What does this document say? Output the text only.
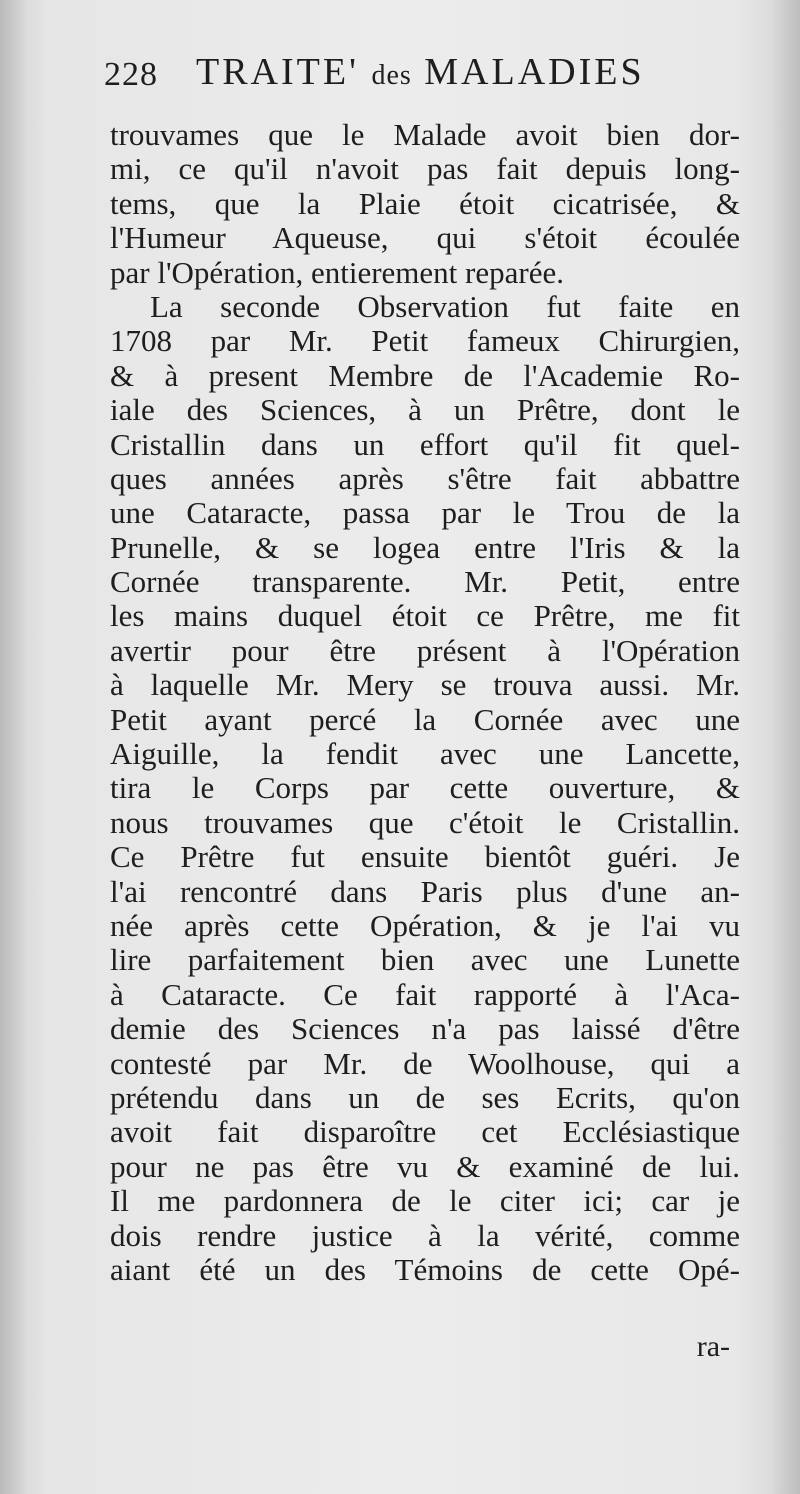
228 TRAITE' des MALADIES
trouvames que le Malade avoit bien dor-
mi, ce qu'il n'avoit pas fait depuis long-
tems, que la Plaie étoit cicatrisée, &
l'Humeur Aqueuse, qui s'étoit écoulée
par l'Opération, entierement reparée.
La seconde Observation fut faite en
1708 par Mr. Petit fameux Chirurgien,
& à present Membre de l'Academie Ro-
iale des Sciences, à un Prêtre, dont le
Cristallin dans un effort qu'il fit quel-
ques années après s'être fait abbattre
une Cataracte, passa par le Trou de la
Prunelle, & se logea entre l'Iris & la
Cornée transparente. Mr. Petit, entre
les mains duquel étoit ce Prêtre, me fit
avertir pour être présent à l'Opération
à laquelle Mr. Mery se trouva aussi. Mr.
Petit ayant percé la Cornée avec une
Aiguille, la fendit avec une Lancette,
tira le Corps par cette ouverture, &
nous trouvames que c'étoit le Cristallin.
Ce Prêtre fut ensuite bientôt guéri. Je
l'ai rencontré dans Paris plus d'une an-
née après cette Opération, & je l'ai vu
lire parfaitement bien avec une Lunette
à Cataracte. Ce fait rapporté à l'Aca-
demie des Sciences n'a pas laissé d'être
contesté par Mr. de Woolhouse, qui a
prétendu dans un de ses Ecrits, qu'on
avoit fait disparoître cet Ecclésiastique
pour ne pas être vu & examiné de lui.
Il me pardonnera de le citer ici; car je
dois rendre justice à la vérité, comme
aiant été un des Témoins de cette Opé-
ra-
